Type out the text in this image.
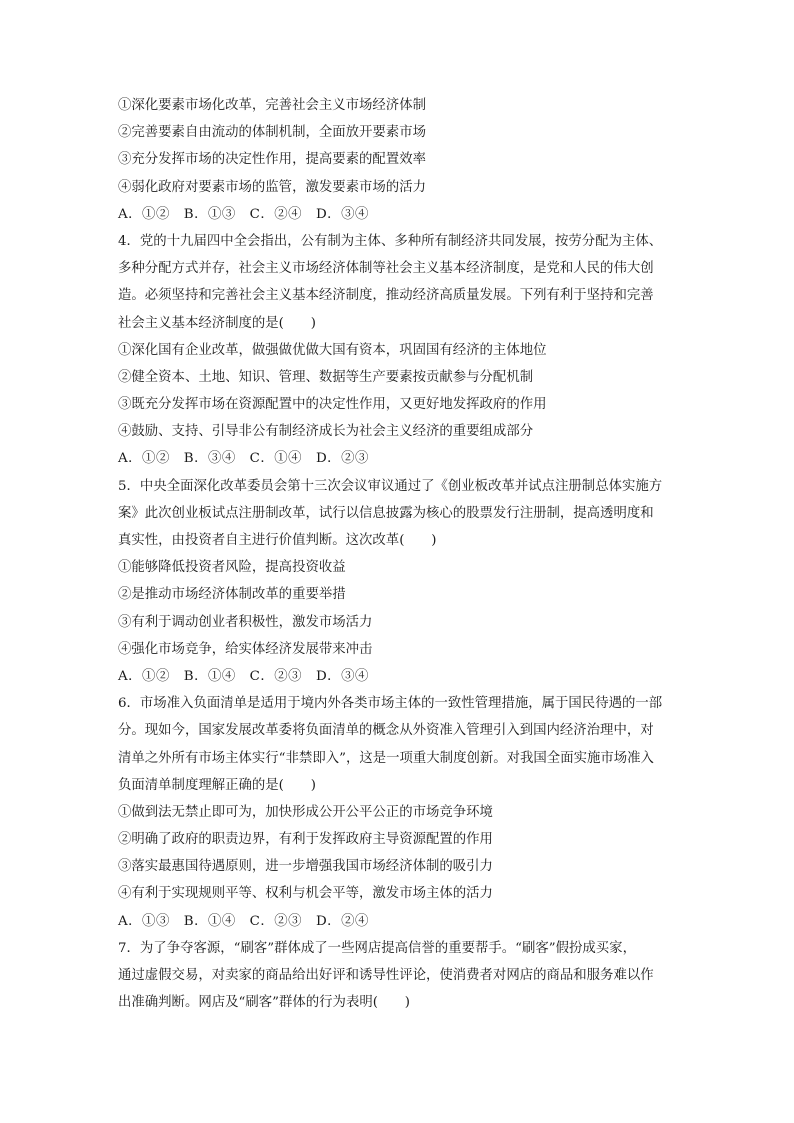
①深化要素市场化改革，完善社会主义市场经济体制
②完善要素自由流动的体制机制，全面放开要素市场
③充分发挥市场的决定性作用，提高要素的配置效率
④弱化政府对要素市场的监管，激发要素市场的活力
A．①②　B．①③　C．②④　D．③④
4．党的十九届四中全会指出，公有制为主体、多种所有制经济共同发展，按劳分配为主体、
多种分配方式并存，社会主义市场经济体制等社会主义基本经济制度，是党和人民的伟大创
造。必须坚持和完善社会主义基本经济制度，推动经济高质量发展。下列有利于坚持和完善
社会主义基本经济制度的是(　　)
①深化国有企业改革，做强做优做大国有资本，巩固国有经济的主体地位
②健全资本、土地、知识、管理、数据等生产要素按贡献参与分配机制
③既充分发挥市场在资源配置中的决定性作用，又更好地发挥政府的作用
④鼓励、支持、引导非公有制经济成长为社会主义经济的重要组成部分
A．①②　B．③④　C．①④　D．②③
5．中央全面深化改革委员会第十三次会议审议通过了《创业板改革并试点注册制总体实施方
案》此次创业板试点注册制改革，试行以信息披露为核心的股票发行注册制，提高透明度和
真实性，由投资者自主进行价值判断。这次改革(　　)
①能够降低投资者风险，提高投资收益
②是推动市场经济体制改革的重要举措
③有利于调动创业者积极性，激发市场活力
④强化市场竞争，给实体经济发展带来冲击
A．①②　B．①④　C．②③　D．③④
6．市场准入负面清单是适用于境内外各类市场主体的一致性管理措施，属于国民待遇的一部
分。现如今，国家发展改革委将负面清单的概念从外资准入管理引入到国内经济治理中，对
清单之外所有市场主体实行“非禁即入”，这是一项重大制度创新。对我国全面实施市场准入
负面清单制度理解正确的是(　　)
①做到法无禁止即可为，加快形成公开公平公正的市场竞争环境
②明确了政府的职责边界，有利于发挥政府主导资源配置的作用
③落实最惠国待遇原则，进一步增强我国市场经济体制的吸引力
④有利于实现规则平等、权利与机会平等，激发市场主体的活力
A．①③　B．①④　C．②③　D．②④
7．为了争夺客源，“刷客”群体成了一些网店提高信誉的重要帮手。“刷客”假扮成买家，
通过虚假交易，对卖家的商品给出好评和诱导性评论，使消费者对网店的商品和服务难以作
出准确判断。网店及“刷客”群体的行为表明(　　)
